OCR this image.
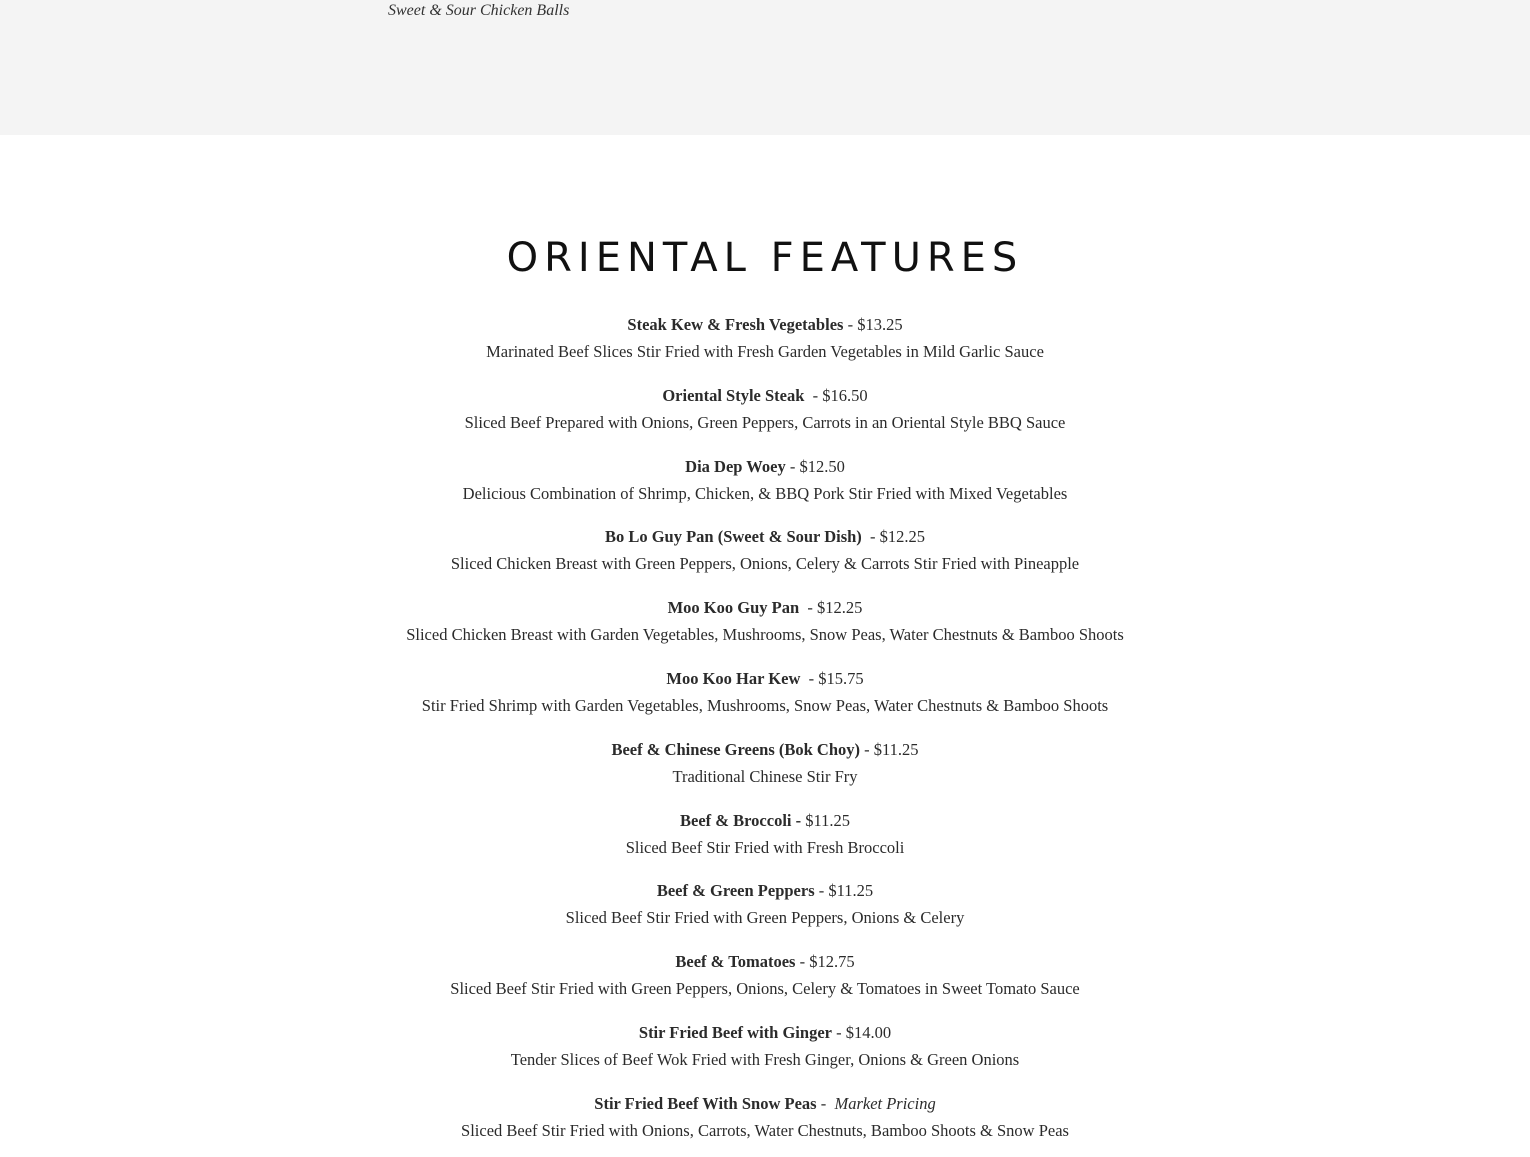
Sweet & Sour Chicken Balls

ORIENTAL FEATURES
Steak Kew & Fresh Vegetables - $13.25
Marinated Beef Slices Stir Fried with Fresh Garden Vegetables in Mild Garlic Sauce
Oriental Style Steak  - $16.50
Sliced Beef Prepared with Onions, Green Peppers, Carrots in an Oriental Style BBQ Sauce
Dia Dep Woey - $12.50
Delicious Combination of Shrimp, Chicken, & BBQ Pork Stir Fried with Mixed Vegetables
Bo Lo Guy Pan (Sweet & Sour Dish)  - $12.25
Sliced Chicken Breast with Green Peppers, Onions, Celery & Carrots Stir Fried with Pineapple
Moo Koo Guy Pan  - $12.25
Sliced Chicken Breast with Garden Vegetables, Mushrooms, Snow Peas, Water Chestnuts & Bamboo Shoots
Moo Koo Har Kew  - $15.75
Stir Fried Shrimp with Garden Vegetables, Mushrooms, Snow Peas, Water Chestnuts & Bamboo Shoots
Beef & Chinese Greens (Bok Choy) - $11.25
Traditional Chinese Stir Fry
Beef & Broccoli - $11.25
Sliced Beef Stir Fried with Fresh Broccoli
Beef & Green Peppers - $11.25
Sliced Beef Stir Fried with Green Peppers, Onions & Celery
Beef & Tomatoes - $12.75
Sliced Beef Stir Fried with Green Peppers, Onions, Celery & Tomatoes in Sweet Tomato Sauce
Stir Fried Beef with Ginger - $14.00
Tender Slices of Beef Wok Fried with Fresh Ginger, Onions & Green Onions
Stir Fried Beef With Snow Peas -  Market Pricing
Sliced Beef Stir Fried with Onions, Carrots, Water Chestnuts, Bamboo Shoots & Snow Peas
